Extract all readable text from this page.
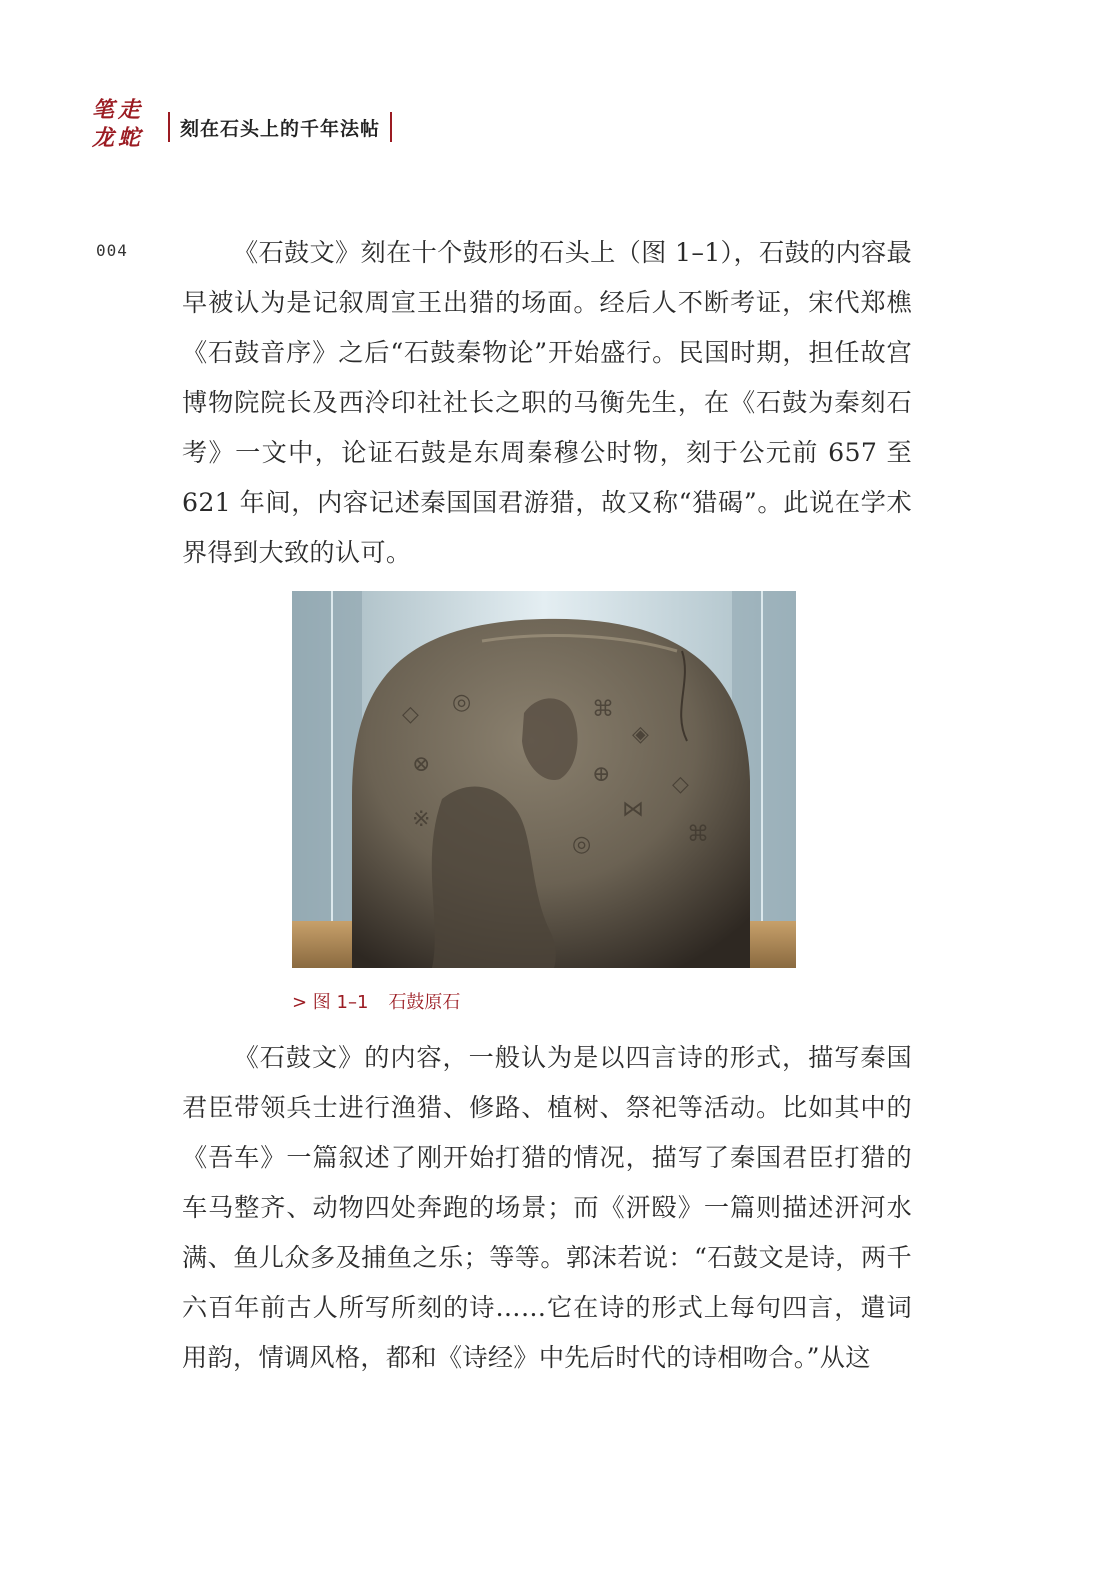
笔 走
龙 蛇	刻在石头上的千年法帖
004	《石鼓文》刻在十个鼓形的石头上（图 1–1），石鼓的内容最早被认为是记叙周宣王出猎的场面。经后人不断考证，宋代郑樵《石鼓音序》之后“石鼓秦物论”开始盛行。民国时期，担任故宫博物院院长及西泠印社社长之职的马衡先生，在《石鼓为秦刻石考》一文中，论证石鼓是东周秦穆公时物，刻于公元前 657 至 621 年间，内容记述秦国国君游猎，故又称“猎碣”。此说在学术界得到大致的认可。

◇ ◎	⌘
◈
⊕
⋈
◇
⊗
※
◎	⌘
> 图 1–1 石鼓原石

《石鼓文》的内容，一般认为是以四言诗的形式，描写秦国君臣带领兵士进行渔猎、修路、植树、祭祀等活动。比如其中的《吾车》一篇叙述了刚开始打猎的情况，描写了秦国君臣打猎的车马整齐、动物四处奔跑的场景；而《汧殹》一篇则描述汧河水满、鱼儿众多及捕鱼之乐；等等。郭沫若说：“石鼓文是诗，两千六百年前古人所写所刻的诗……它在诗的形式上每句四言，遣词用韵，情调风格，都和《诗经》中先后时代的诗相吻合。”从这
